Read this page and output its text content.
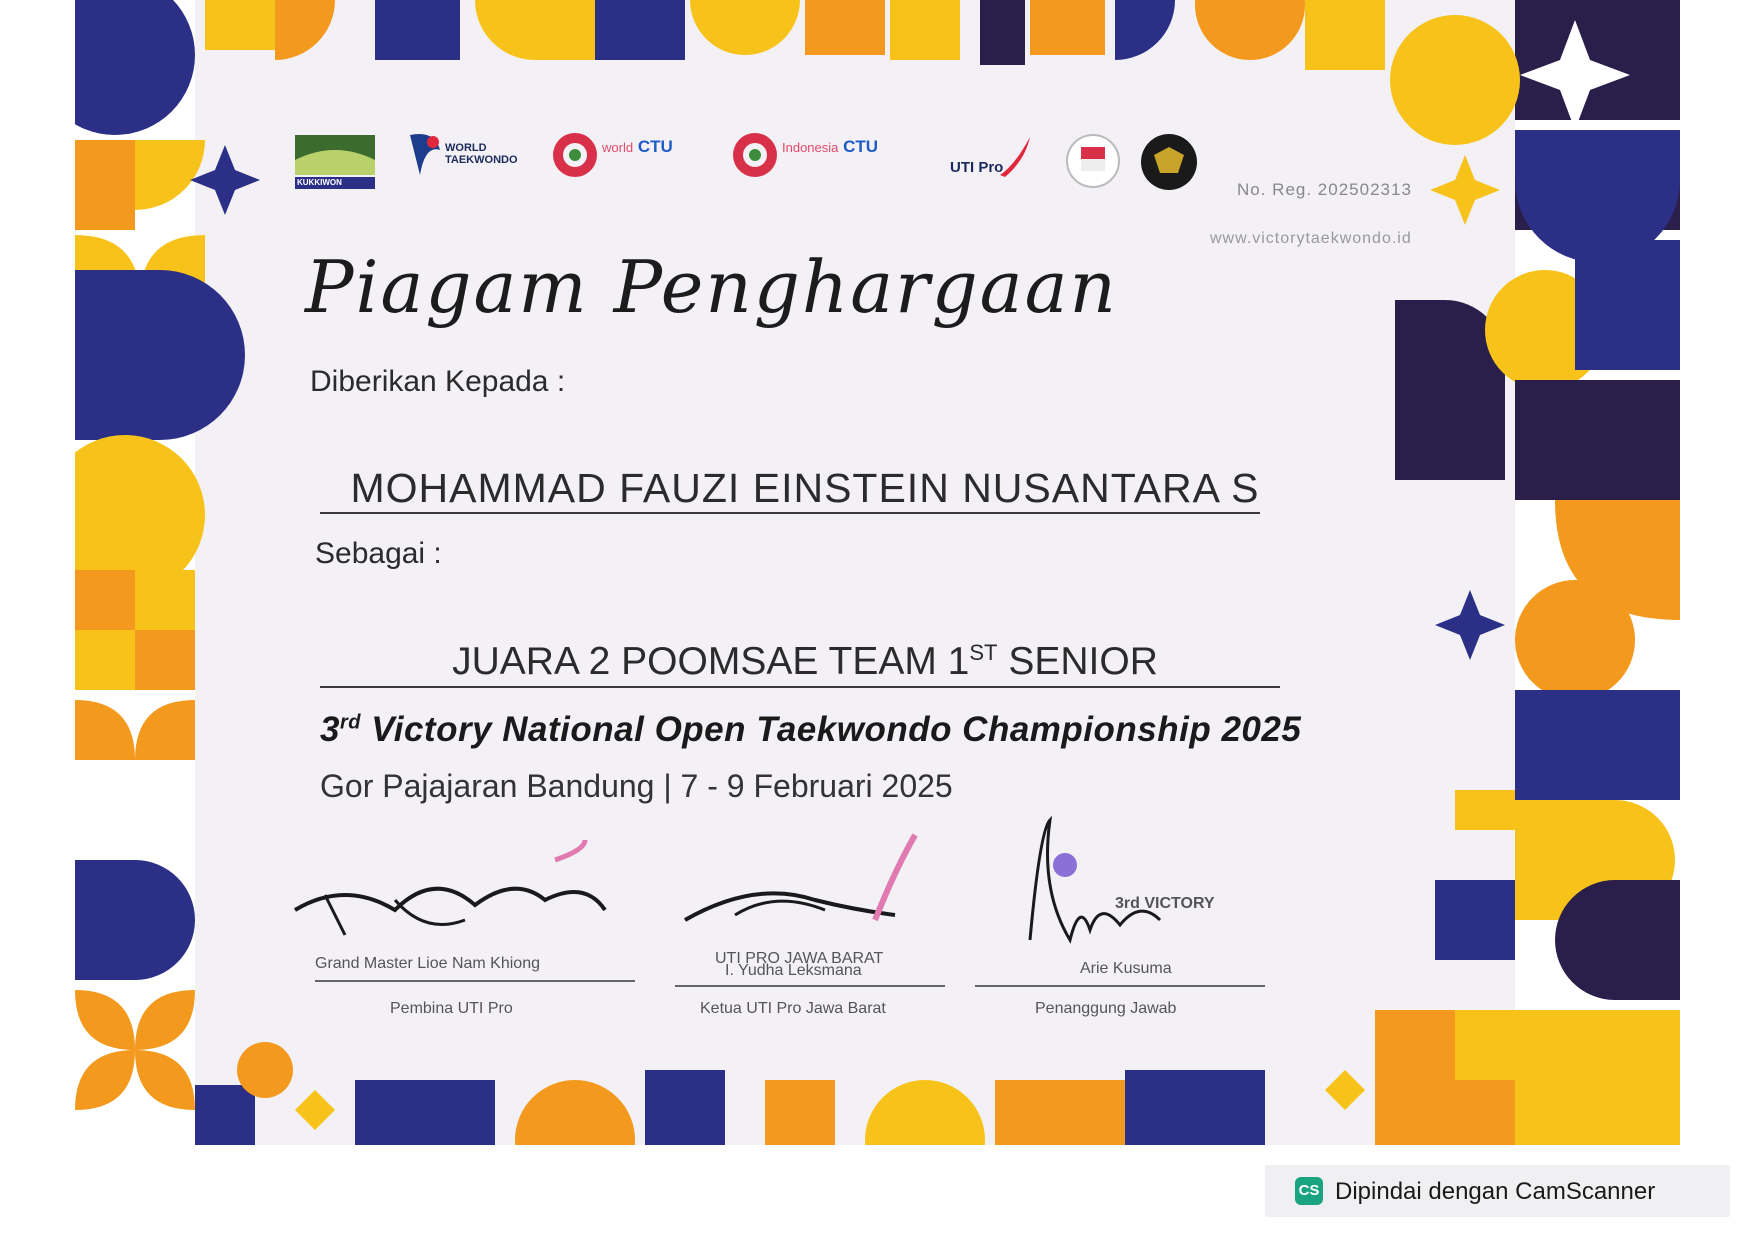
KUKKIWON
WORLD TAEKWONDO
world CTU	Indonesia CTU
UTI Pro
No. Reg. 202502313
www.victorytaekwondo.id
Piagam Penghargaan
Diberikan Kepada :
MOHAMMAD FAUZI EINSTEIN NUSANTARA S
Sebagai :
JUARA 2 POOMSAE TEAM 1ST SENIOR
3rd Victory National Open Taekwondo Championship 2025
Gor Pajajaran Bandung | 7 - 9 Februari 2025
Grand Master Lioe Nam Khiong
Pembina UTI Pro
UTI PRO JAWA BARAT
I. Yudha Leksmana
Ketua UTI Pro Jawa Barat
3rd VICTORY
Arie Kusuma
Penanggung Jawab
CS Dipindai dengan CamScanner
